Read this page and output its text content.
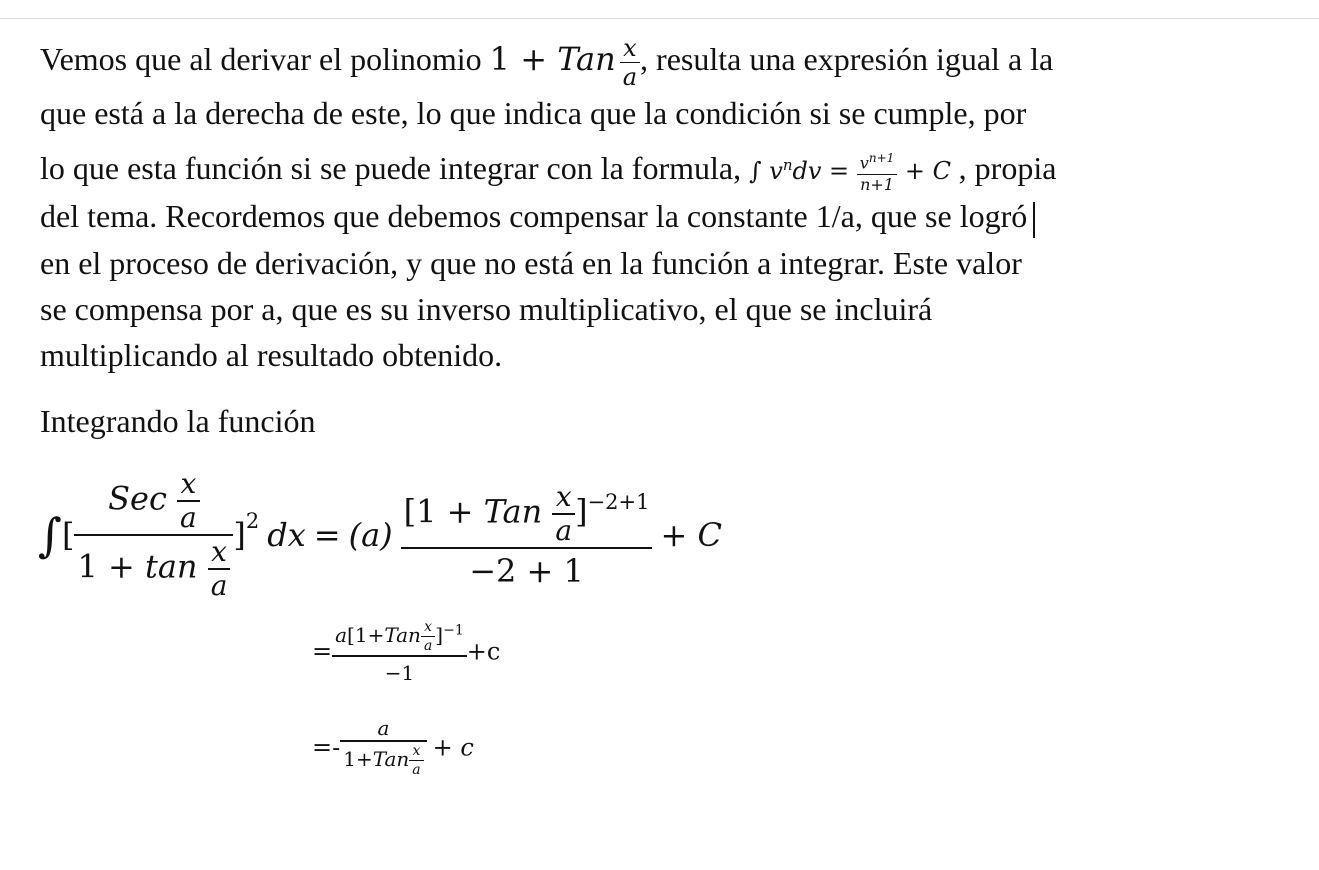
Vemos que al derivar el polinomio 1 + Tan $\frac{x}{a}$ , resulta una expresión igual a la
que está a la derecha de este, lo que indica que la condición si se cumple, por
lo que esta función si se puede integrar con la formula, ∫ $v^ndv = \frac{v^{n+1}}{n+1} + C$ , propia
del tema. Recordemos que debemos compensar la constante 1/a, que se logró
en el proceso de derivación, y que no está en la función a integrar. Este valor
se compensa por a, que es su inverso multiplicativo, el que se incluirá
multiplicando al resultado obtenido.
Integrando la función
∫[ $\frac{Sec \frac{x}{a}}{1 + \tan \frac{x}{a}} ]^2$ dx = $(a) \frac{[1 + Tan \frac{x}{a} ]^{-2+1}}{-2 + 1} + C$
= $\frac{a[1+Tan \frac{x}{a} ]^{-1}}{-1} +c$
=- $\frac{a}{1+Tan \frac{x}{a}} + c$
